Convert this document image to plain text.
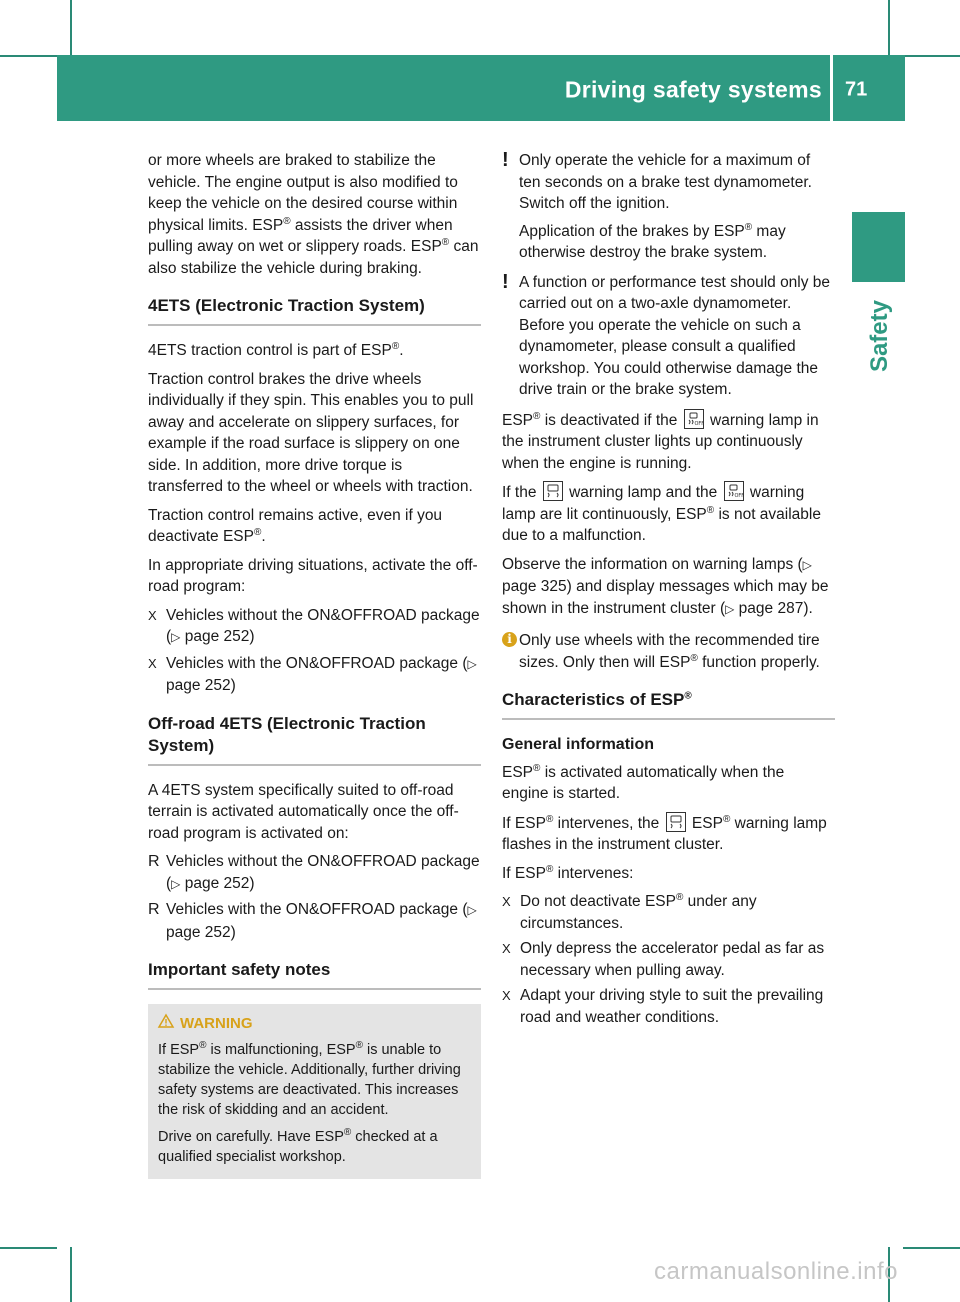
Driving safety systems 71
Safety

or more wheels are braked to stabilize the vehicle. The engine output is also modified to keep the vehicle on the desired course within physical limits. ESP® assists the driver when pulling away on wet or slippery roads. ESP® can also stabilize the vehicle during braking.

4ETS (Electronic Traction System)

4ETS traction control is part of ESP®.

Traction control brakes the drive wheels individually if they spin. This enables you to pull away and accelerate on slippery surfaces, for example if the road surface is slippery on one side. In addition, more drive torque is transferred to the wheel or wheels with traction.

Traction control remains active, even if you deactivate ESP®.

In appropriate driving situations, activate the off-road program:

X Vehicles without the ON&OFFROAD package (▷ page 252)
X Vehicles with the ON&OFFROAD package (▷ page 252)
Off-road 4ETS (Electronic Traction System)

A 4ETS system specifically suited to off-road terrain is activated automatically once the off-road program is activated on:

R Vehicles without the ON&OFFROAD package (▷ page 252)
R Vehicles with the ON&OFFROAD package (▷ page 252)
Important safety notes
WARNING

If ESP® is malfunctioning, ESP® is unable to stabilize the vehicle. Additionally, further driving safety systems are deactivated. This increases the risk of skidding and an accident.

Drive on carefully. Have ESP® checked at a qualified specialist workshop.

! Only operate the vehicle for a maximum of ten seconds on a brake test dynamometer. Switch off the ignition.

Application of the brakes by ESP® may otherwise destroy the brake system.

! A function or performance test should only be carried out on a two-axle dynamometer. Before you operate the vehicle on such a dynamometer, please consult a qualified workshop. You could otherwise damage the drive train or the brake system.

ESP® is deactivated if the	OFF warning lamp in the instrument cluster lights up continuously when the engine is running.

If the
warning lamp and the	OFF warning lamp are lit continuously, ESP® is not available due to a malfunction.

Observe the information on warning lamps (▷ page 325) and display messages which may be shown in the instrument cluster (▷ page 287).

i Only use wheels with the recommended tire sizes. Only then will ESP® function properly.

Characteristics of ESP®
General information

ESP® is activated automatically when the engine is started.

If ESP® intervenes, the
ESP® warning lamp flashes in the instrument cluster.

If ESP® intervenes:

X Do not deactivate ESP® under any circumstances.
X Only depress the accelerator pedal as far as necessary when pulling away.
X Adapt your driving style to suit the prevailing road and weather conditions.
carmanualsonline.info
